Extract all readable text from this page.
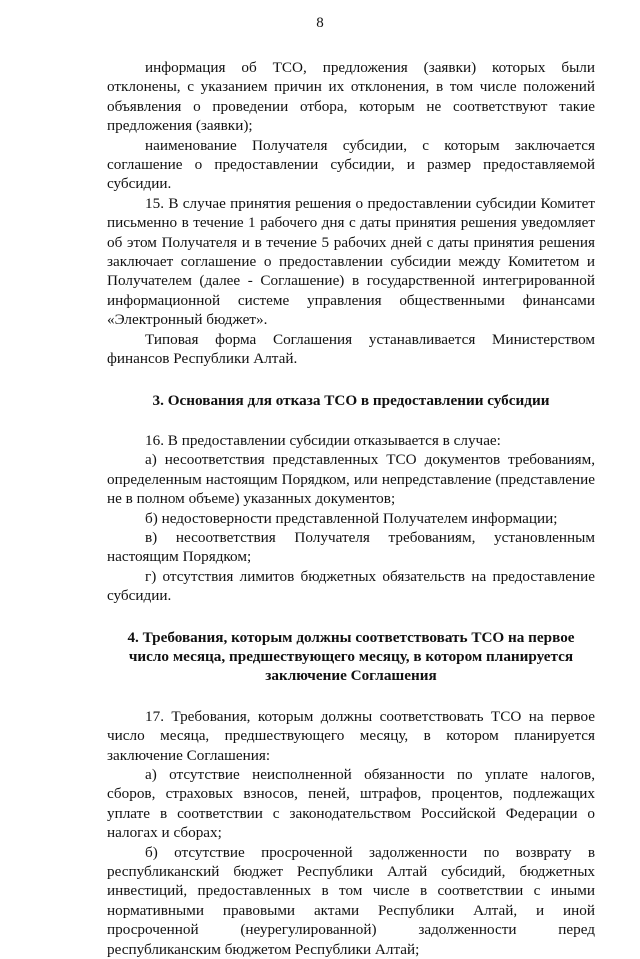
8

информация об ТСО, предложения (заявки) которых были отклонены, с указанием причин их отклонения, в том числе положений объявления о проведении отбора, которым не соответствуют такие предложения (заявки);

наименование Получателя субсидии, с которым заключается соглашение о предоставлении субсидии, и размер предоставляемой субсидии.

15. В случае принятия решения о предоставлении субсидии Комитет письменно в течение 1 рабочего дня с даты принятия решения уведомляет об этом Получателя и в течение 5 рабочих дней с даты принятия решения заключает соглашение о предоставлении субсидии между Комитетом и Получателем (далее - Соглашение) в государственной интегрированной информационной системе управления общественными финансами «Электронный бюджет».

Типовая форма Соглашения устанавливается Министерством финансов Республики Алтай.

3. Основания для отказа ТСО в предоставлении субсидии

16. В предоставлении субсидии отказывается в случае:

а) несоответствия представленных ТСО документов требованиям, определенным настоящим Порядком, или непредставление (представление не в полном объеме) указанных документов;

б) недостоверности представленной Получателем информации;

в) несоответствия Получателя требованиям, установленным настоящим Порядком;

г) отсутствия лимитов бюджетных обязательств на предоставление субсидии.

4. Требования, которым должны соответствовать ТСО на первое число месяца, предшествующего месяцу, в котором планируется заключение Соглашения

17. Требования, которым должны соответствовать ТСО на первое число месяца, предшествующего месяцу, в котором планируется заключение Соглашения:

а) отсутствие неисполненной обязанности по уплате налогов, сборов, страховых взносов, пеней, штрафов, процентов, подлежащих уплате в соответствии с законодательством Российской Федерации о налогах и сборах;

б) отсутствие просроченной задолженности по возврату в республиканский бюджет Республики Алтай субсидий, бюджетных инвестиций, предоставленных в том числе в соответствии с иными нормативными правовыми актами Республики Алтай, и иной просроченной (неурегулированной) задолженности перед республиканским бюджетом Республики Алтай;
